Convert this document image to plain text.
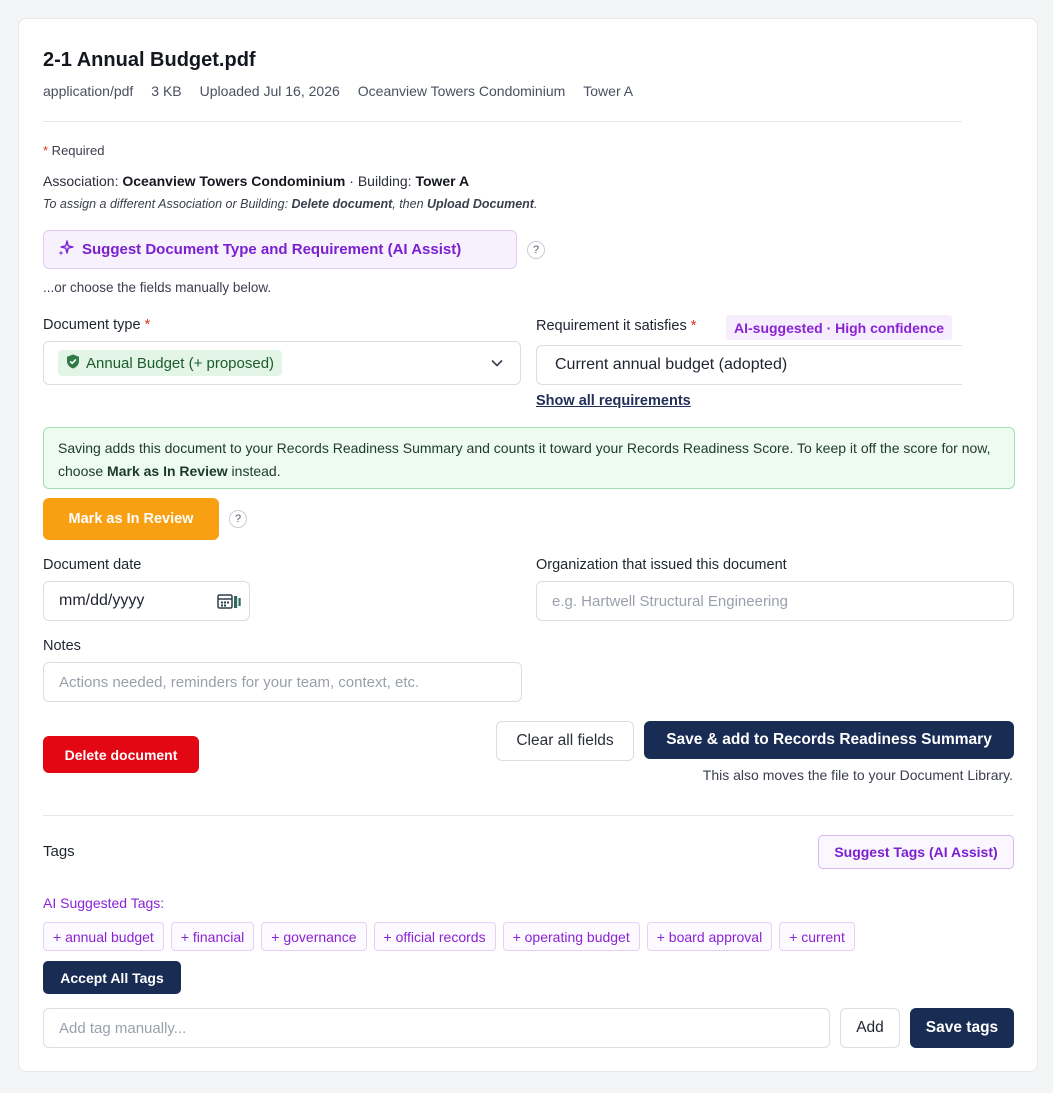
2-1 Annual Budget.pdf
application/pdf 3 KB Uploaded Jul 16, 2026 Oceanview Towers Condominium Tower A
* Required
Association: Oceanview Towers Condominium · Building: Tower A
To assign a different Association or Building: Delete document, then Upload Document.
Suggest Document Type and Requirement (AI Assist)	?
...or choose the fields manually below.
Document type *
Annual Budget (+ proposed)
Requirement it satisfies *	AI-suggested · High confidence
Current annual budget (adopted)
Show all requirements
Saving adds this document to your Records Readiness Summary and counts it toward your Records Readiness Score. To keep it off the score for now, choose Mark as In Review instead.
Mark as In Review	?
Document date
mm/dd/yyyy
Organization that issued this document
e.g. Hartwell Structural Engineering
Notes
Actions needed, reminders for your team, context, etc.
Delete document
Clear all fields	Save & add to Records Readiness Summary
This also moves the file to your Document Library.
Tags	Suggest Tags (AI Assist)
AI Suggested Tags:
+ annual budget	+ financial	+ governance	+ official records	+ operating budget	+ board approval	+ current
Accept All Tags
Add tag manually...	Add	Save tags
